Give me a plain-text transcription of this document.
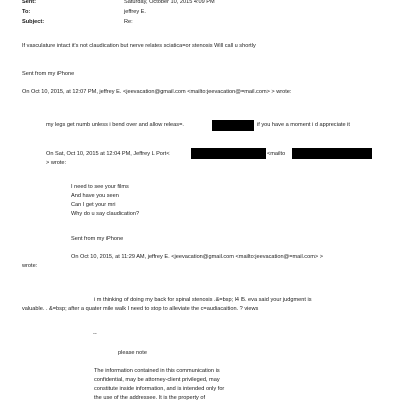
Sent:	Saturday, October 10, 2015 4:09 PM
To:	jeffrey E.
Subject:	Re:
If vasculature intact it's not claudication but nerve relates sciatica=or stenosis Will call u shortly
Sent from my iPhone
On Oct 10, 2015, at 12:07 PM, jeffrey E. <jeevacation@gmail.com <mailto:jeevacation@=mail.com> > wrote:
my legs get numb unless i bend over and allow releas=.	if you have a moment i d appreciate it
On Sat, Oct 10, 2015 at 12:04 PM, Jeffrey L Port<	<mailto
> wrote:
I need to see your films
And have you seen
Can I get your mri
Why do u say claudication?
Sent from my iPhone
On Oct 10, 2015, at 11:29 AM, jeffrey E. <jeevacation@gmail.com <mailto:jeevacation@=mail.com> >
wrote:
i m thinking of doing my back for spinal stenosis .&=bsp; l4 l5. eva said your judgment is
valuable. . &=bsp; after a quater mile walk I need to stop to alleviate the c=audiacaition. ? views
--
please note
The information contained in this communication is
confidential, may be attorney-client privileged, may
constitute inside information, and is intended only for
the use of the addressee. It is the property of
